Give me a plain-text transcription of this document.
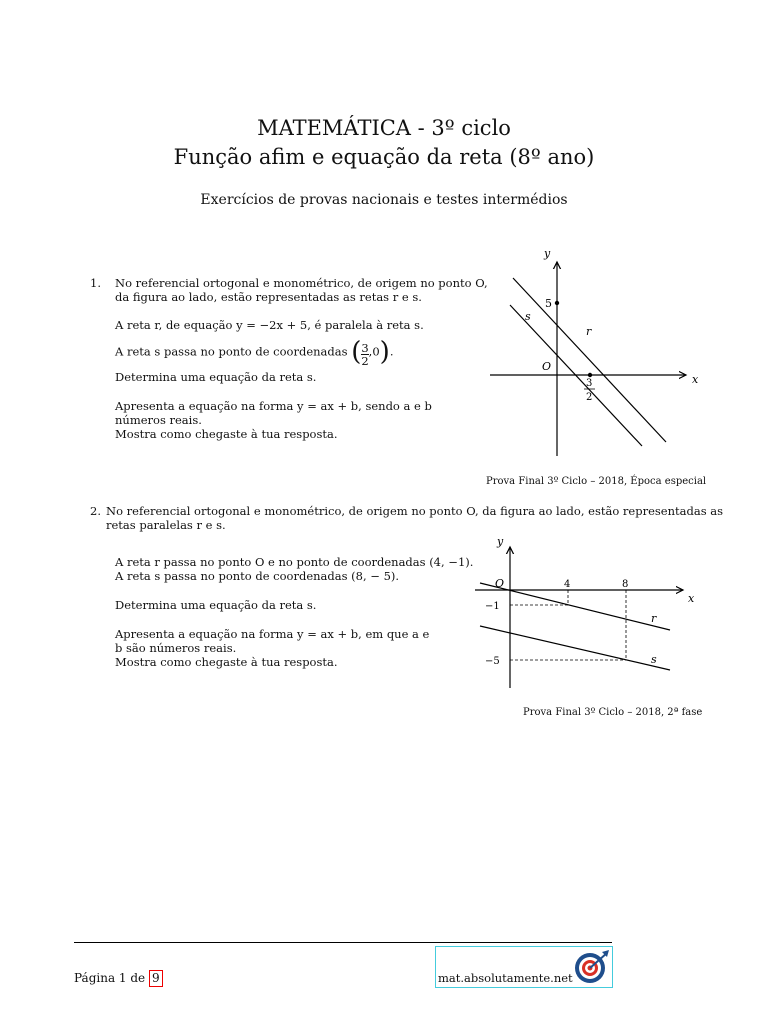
MATEMÁTICA - 3º ciclo
Função afim e equação da reta (8º ano)
Exercícios de provas nacionais e testes intermédios
1. No referencial ortogonal e monométrico, de origem no ponto O,
da figura ao lado, estão representadas as retas r e s.
A reta r, de equação y = −2x + 5, é paralela à reta s.
A reta s passa no ponto de coordenadas ( $\frac{3}{2} ,0$).
Determina uma equação da reta s.
Apresenta a equação na forma y = ax + b, sendo a e b
números reais.
Mostra como chegaste à tua resposta.
y
x
O
5
3
2
r
s
Prova Final 3º Ciclo – 2018, Época especial
2. No referencial ortogonal e monométrico, de origem no ponto O, da figura ao lado, estão representadas as
retas paralelas r e s.
A reta r passa no ponto O e no ponto de coordenadas (4, −1).
A reta s passa no ponto de coordenadas (8, − 5).
Determina uma equação da reta s.
Apresenta a equação na forma y = ax + b, em que a e
b são números reais.
Mostra como chegaste à tua resposta.
y
x
O	4	8
−1
−5
r
s
Prova Final 3º Ciclo – 2018, 2ª fase
Página 1 de 9	mat.absolutamente.net
